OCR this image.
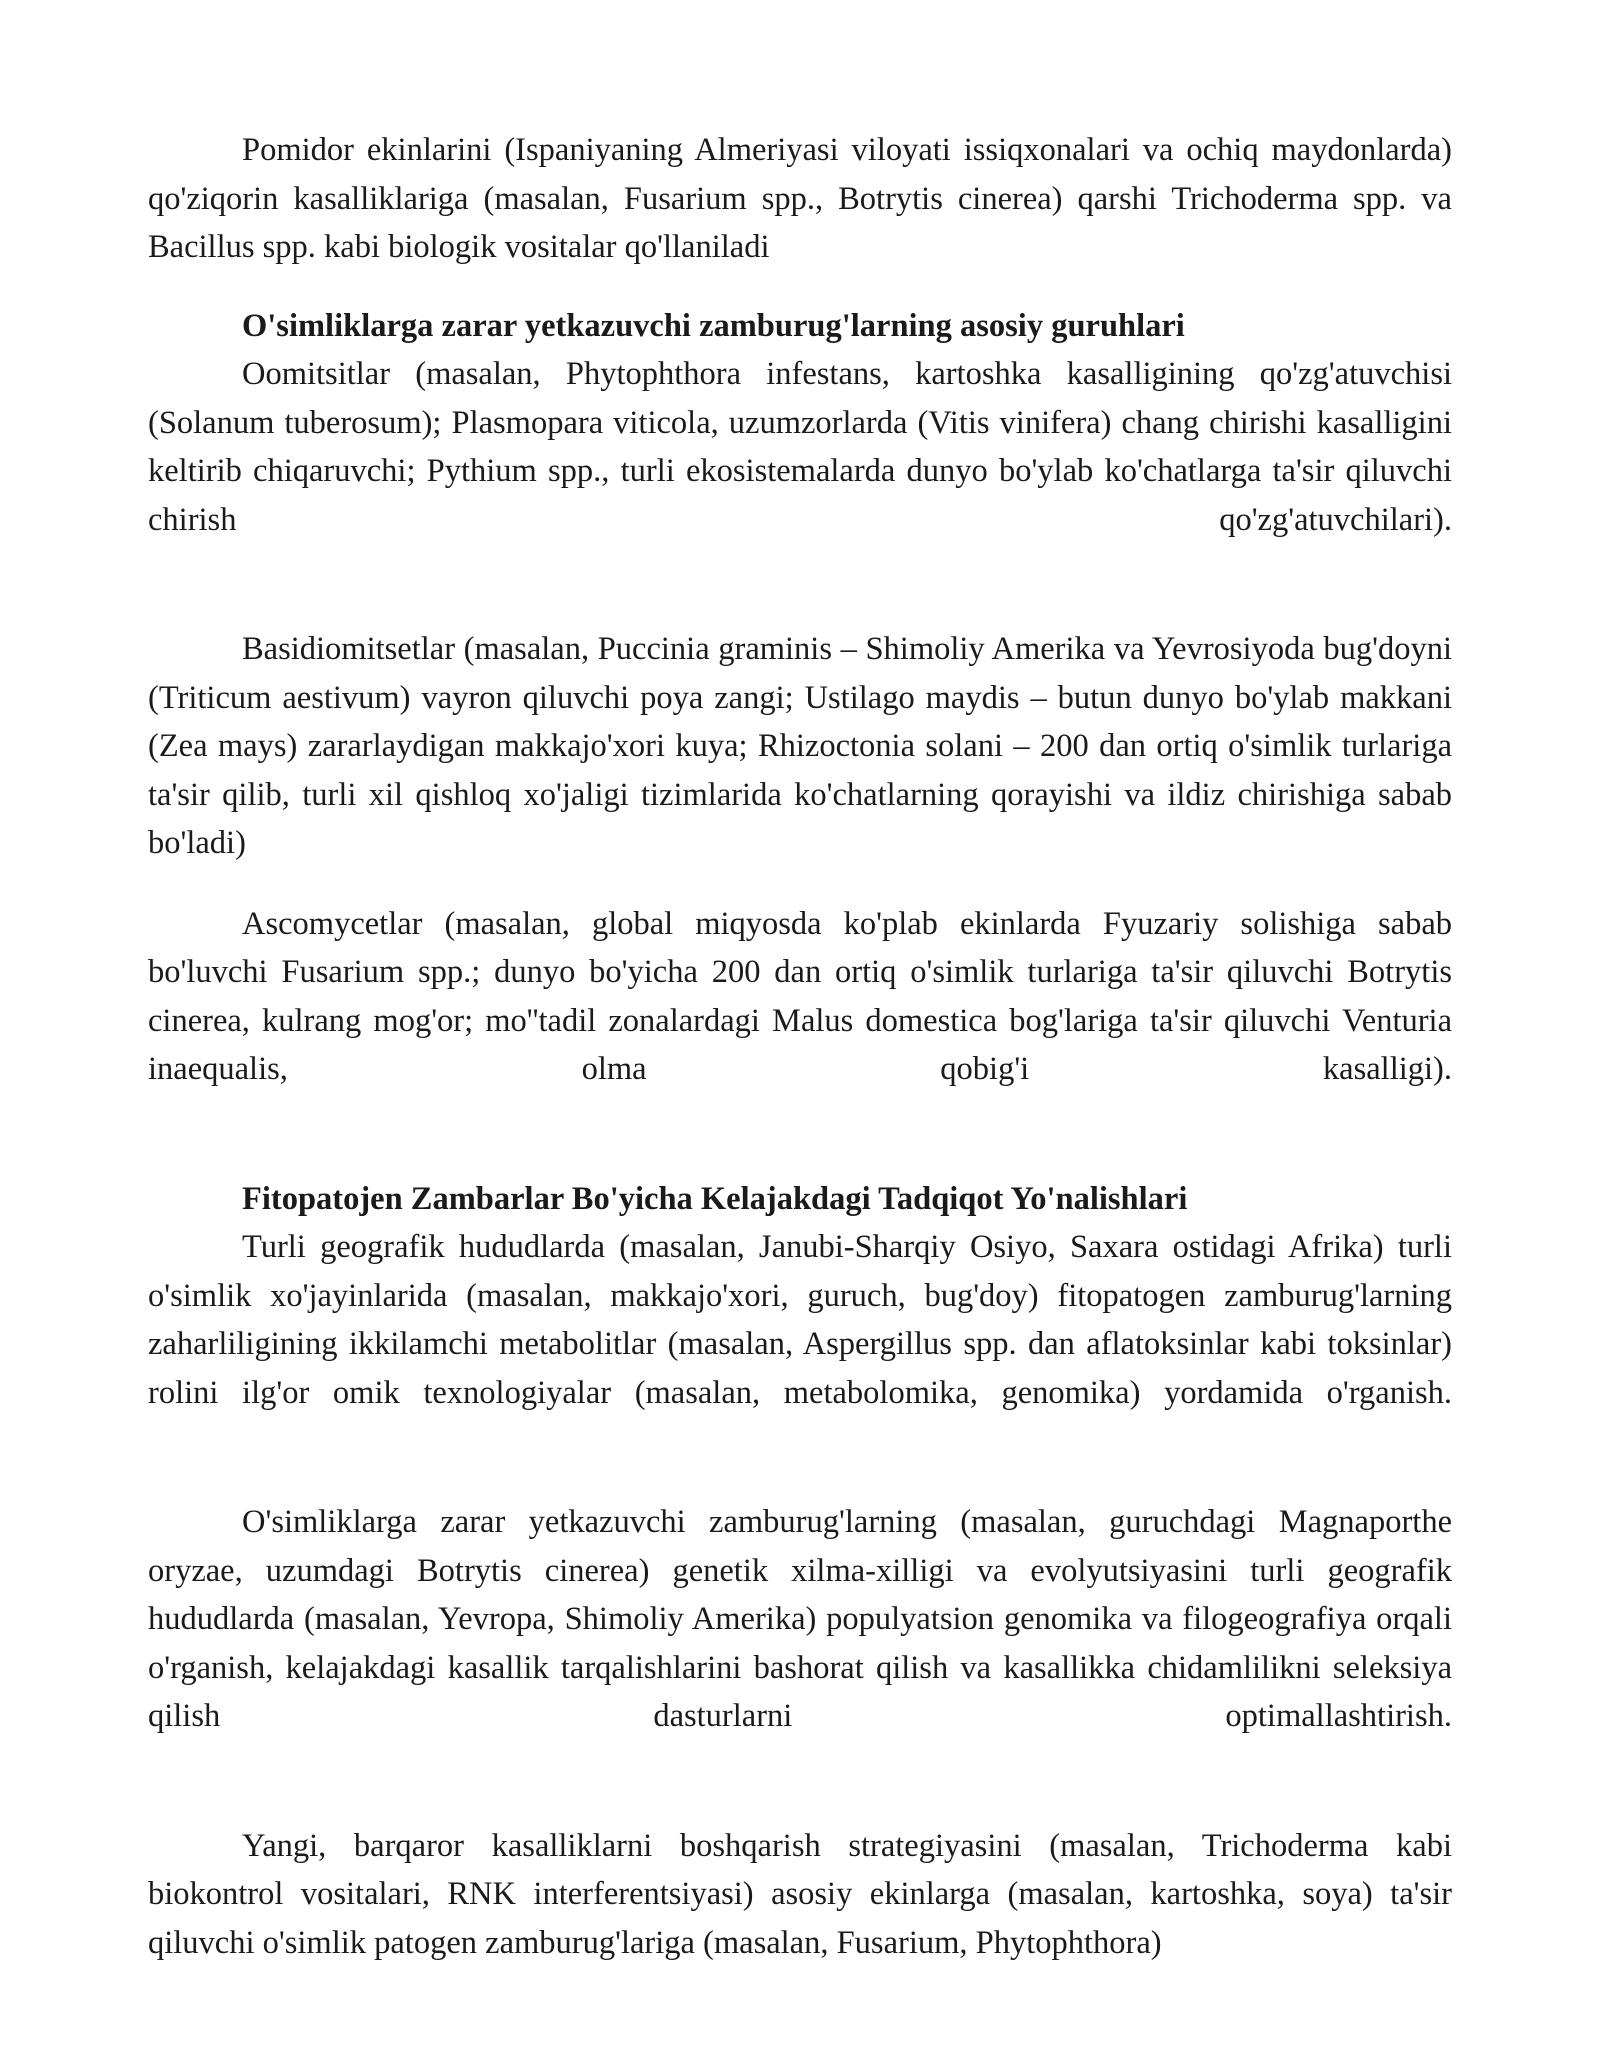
Pomidor ekinlarini (Ispaniyaning Almeriyasi viloyati issiqxonalari va ochiq maydonlarda) qo'ziqorin kasalliklariga (masalan, Fusarium spp., Botrytis cinerea) qarshi Trichoderma spp. va Bacillus spp. kabi biologik vositalar qo'llaniladi

O'simliklarga zarar yetkazuvchi zamburug'larning asosiy guruhlari

Oomitsitlar (masalan, Phytophthora infestans, kartoshka kasalligining qo'zg'atuvchisi (Solanum tuberosum); Plasmopara viticola, uzumzorlarda (Vitis vinifera) chang chirishi kasalligini keltirib chiqaruvchi; Pythium spp., turli ekosistemalarda dunyo bo'ylab ko'chatlarga ta'sir qiluvchi chirish qo'zg'atuvchilari).

Basidiomitsetlar (masalan, Puccinia graminis – Shimoliy Amerika va Yevrosiyoda bug'doyni (Triticum aestivum) vayron qiluvchi poya zangi; Ustilago maydis – butun dunyo bo'ylab makkani (Zea mays) zararlaydigan makkajo'xori kuya; Rhizoctonia solani – 200 dan ortiq o'simlik turlariga ta'sir qilib, turli xil qishloq xo'jaligi tizimlarida ko'chatlarning qorayishi va ildiz chirishiga sabab bo'ladi)

Ascomycetlar (masalan, global miqyosda ko'plab ekinlarda Fyuzariy solishiga sabab bo'luvchi Fusarium spp.; dunyo bo'yicha 200 dan ortiq o'simlik turlariga ta'sir qiluvchi Botrytis cinerea, kulrang mog'or; mo''tadil zonalardagi Malus domestica bog'lariga ta'sir qiluvchi Venturia inaequalis, olma qobig'i kasalligi).

Fitopatojen Zambarlar Bo'yicha Kelajakdagi Tadqiqot Yo'nalishlari

Turli geografik hududlarda (masalan, Janubi-Sharqiy Osiyo, Saxara ostidagi Afrika) turli o'simlik xo'jayinlarida (masalan, makkajo'xori, guruch, bug'doy) fitopatogen zamburug'larning zaharliligining ikkilamchi metabolitlar (masalan, Aspergillus spp. dan aflatoksinlar kabi toksinlar) rolini ilg'or omik texnologiyalar (masalan, metabolomika, genomika) yordamida o'rganish.

O'simliklarga zarar yetkazuvchi zamburug'larning (masalan, guruchdagi Magnaporthe oryzae, uzumdagi Botrytis cinerea) genetik xilma-xilligi va evolyutsiyasini turli geografik hududlarda (masalan, Yevropa, Shimoliy Amerika) populyatsion genomika va filogeografiya orqali o'rganish, kelajakdagi kasallik tarqalishlarini bashorat qilish va kasallikka chidamlilikni seleksiya qilish dasturlarni optimallashtirish.

Yangi, barqaror kasalliklarni boshqarish strategiyasini (masalan, Trichoderma kabi biokontrol vositalari, RNK interferentsiyasi) asosiy ekinlarga (masalan, kartoshka, soya) ta'sir qiluvchi o'simlik patogen zamburug'lariga (masalan, Fusarium, Phytophthora)
